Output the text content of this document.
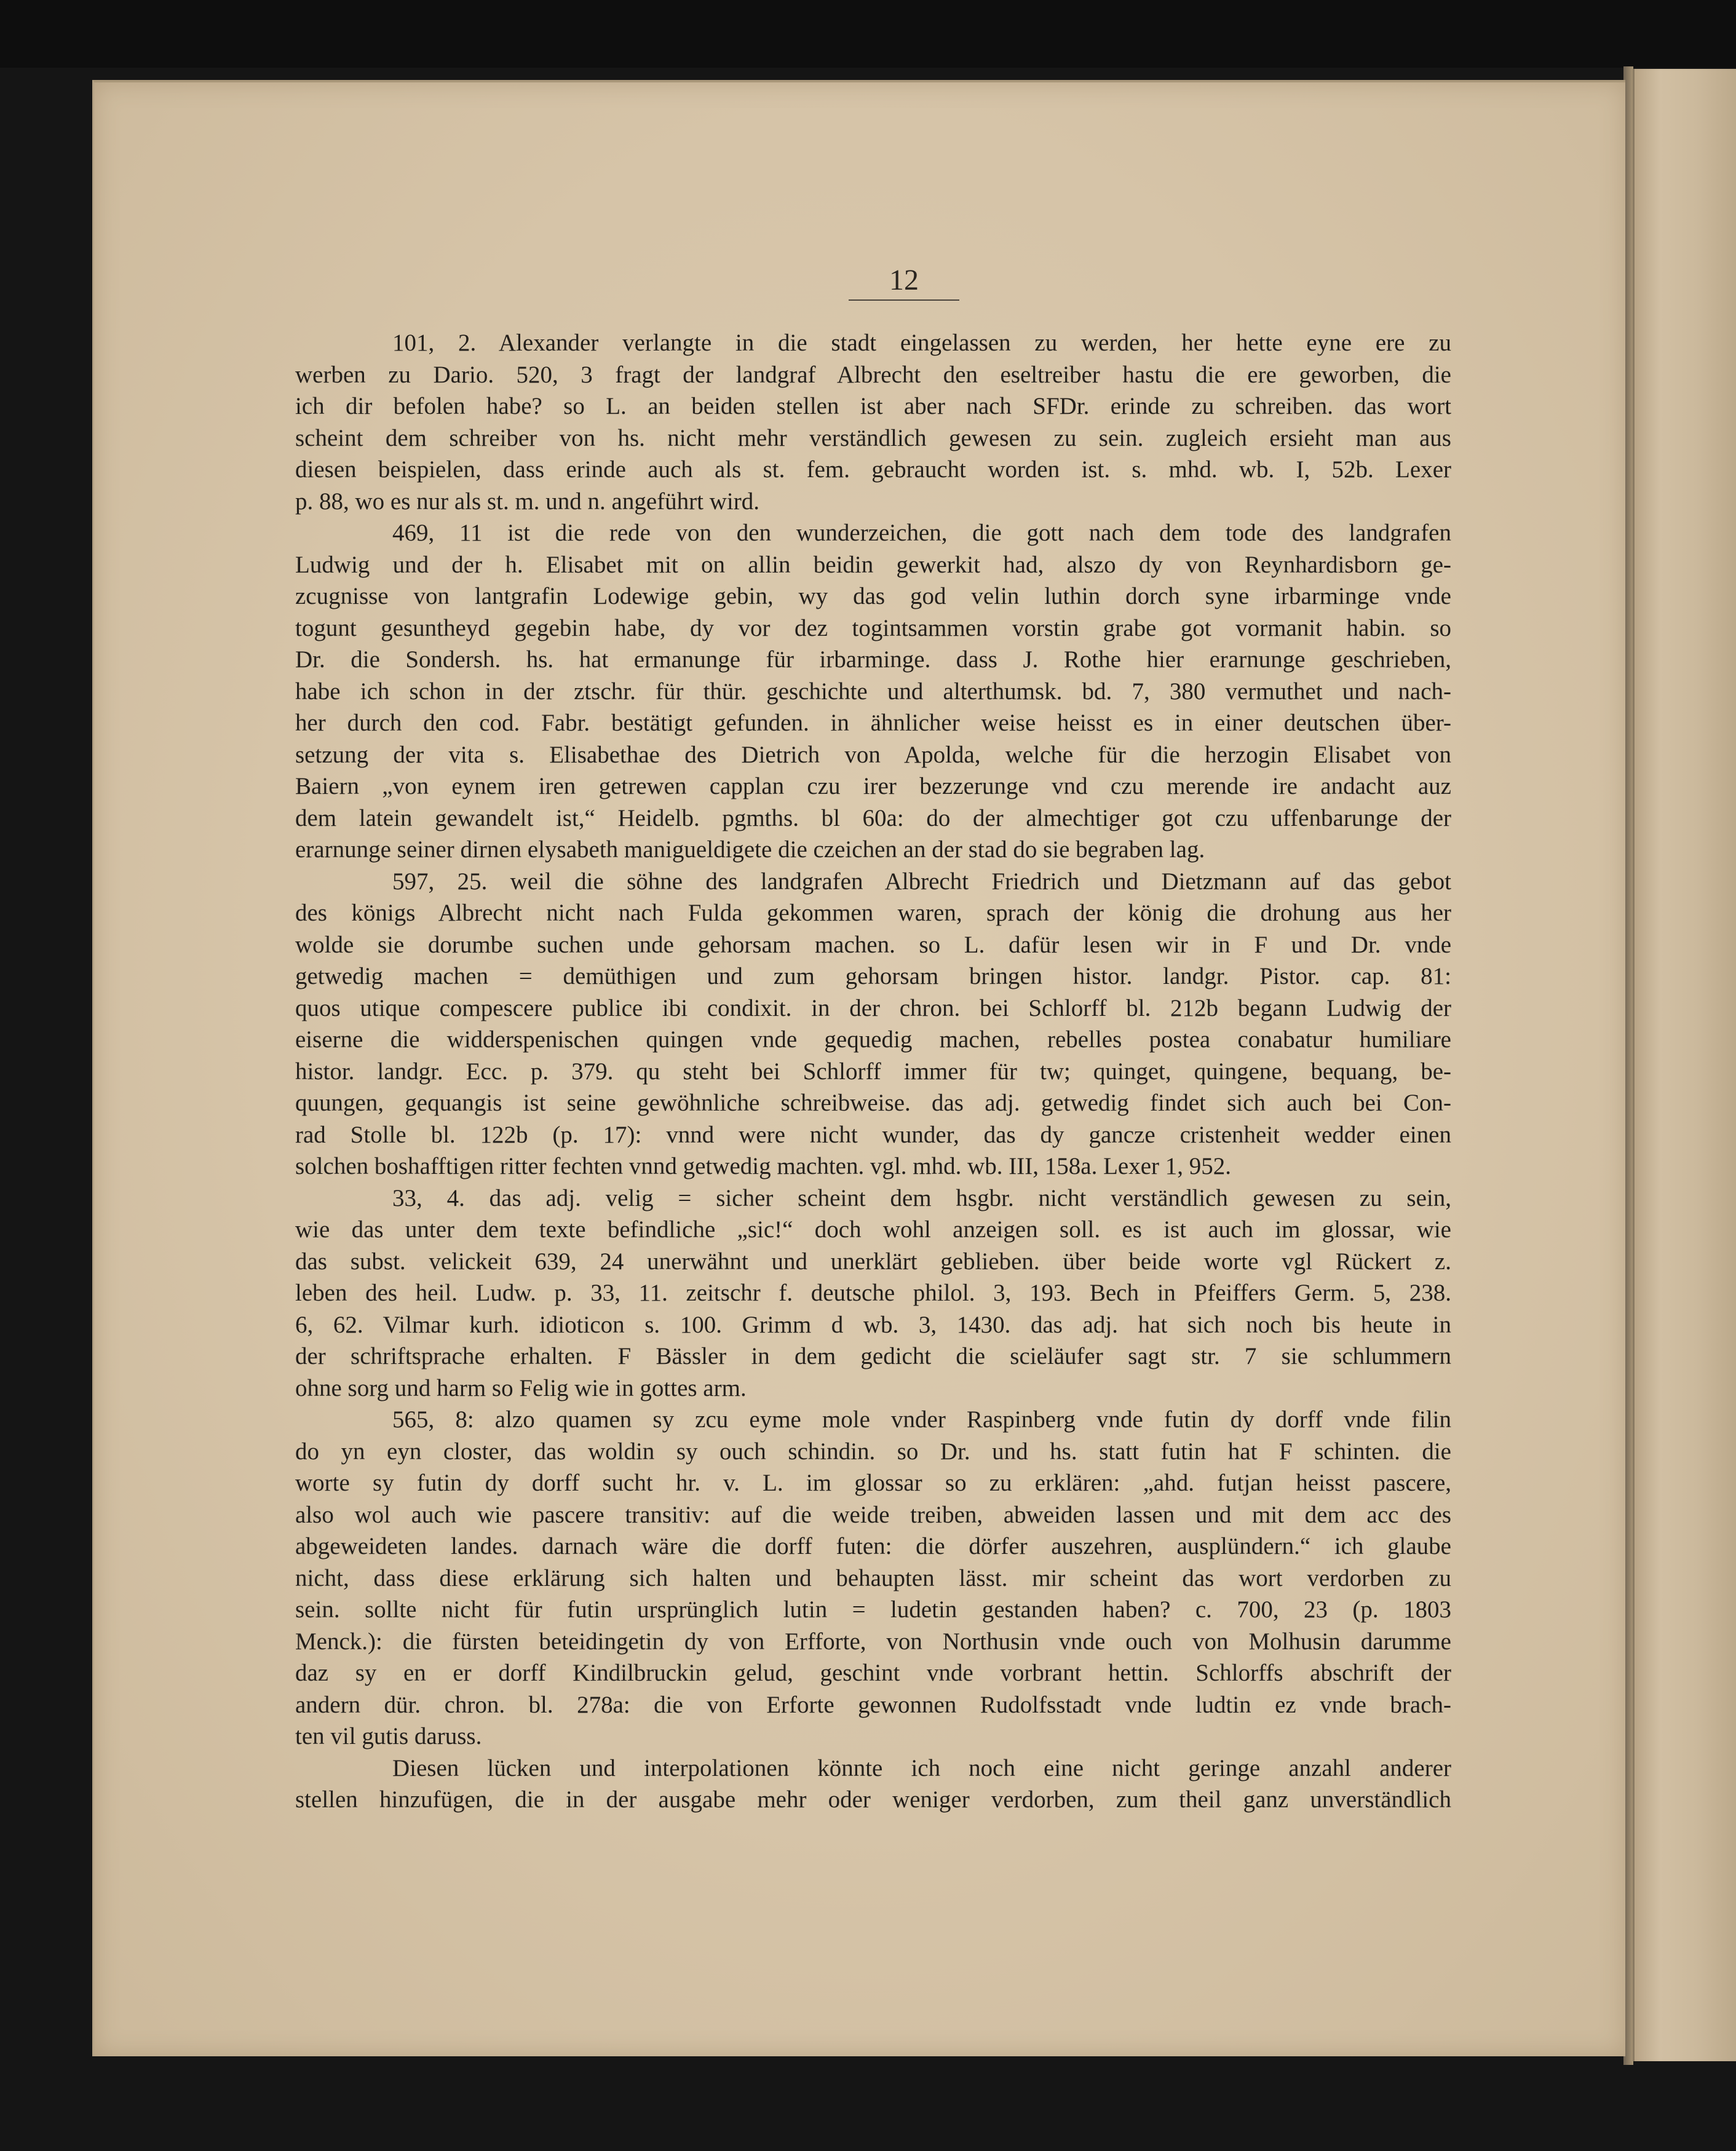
12
101, 2. Alexander verlangte in die stadt eingelassen zu werden, her hette eyne ere zu
werben zu Dario. 520, 3 fragt der landgraf Albrecht den eseltreiber hastu die ere geworben, die
ich dir befolen habe? so L. an beiden stellen ist aber nach SFDr. erinde zu schreiben. das wort
scheint dem schreiber von hs. nicht mehr verständlich gewesen zu sein. zugleich ersieht man aus
diesen beispielen, dass erinde auch als st. fem. gebraucht worden ist. s. mhd. wb. I, 52b. Lexer
p. 88, wo es nur als st. m. und n. angeführt wird.
469, 11 ist die rede von den wunderzeichen, die gott nach dem tode des landgrafen
Ludwig und der h. Elisabet mit on allin beidin gewerkit had, alszo dy von Reynhardisborn ge-
zcugnisse von lantgrafin Lodewige gebin, wy das god velin luthin dorch syne irbarminge vnde
togunt gesuntheyd gegebin habe, dy vor dez togintsammen vorstin grabe got vormanit habin. so
Dr. die Sondersh. hs. hat ermanunge für irbarminge. dass J. Rothe hier erarnunge geschrieben,
habe ich schon in der ztschr. für thür. geschichte und alterthumsk. bd. 7, 380 vermuthet und nach-
her durch den cod. Fabr. bestätigt gefunden. in ähnlicher weise heisst es in einer deutschen über-
setzung der vita s. Elisabethae des Dietrich von Apolda, welche für die herzogin Elisabet von
Baiern „von eynem iren getrewen capplan czu irer bezzerunge vnd czu merende ire andacht auz
dem latein gewandelt ist,“ Heidelb. pgmths. bl 60a: do der almechtiger got czu uffenbarunge der
erarnunge seiner dirnen elysabeth manigueldigete die czeichen an der stad do sie begraben lag.
597, 25. weil die söhne des landgrafen Albrecht Friedrich und Dietzmann auf das gebot
des königs Albrecht nicht nach Fulda gekommen waren, sprach der könig die drohung aus her
wolde sie dorumbe suchen unde gehorsam machen. so L. dafür lesen wir in F und Dr. vnde
getwedig machen = demüthigen und zum gehorsam bringen histor. landgr. Pistor. cap. 81:
quos utique compescere publice ibi condixit. in der chron. bei Schlorff bl. 212b begann Ludwig der
eiserne die widderspenischen quingen vnde gequedig machen, rebelles postea conabatur humiliare
histor. landgr. Ecc. p. 379. qu steht bei Schlorff immer für tw; quinget, quingene, bequang, be-
quungen, gequangis ist seine gewöhnliche schreibweise. das adj. getwedig findet sich auch bei Con-
rad Stolle bl. 122b (p. 17): vnnd were nicht wunder, das dy gancze cristenheit wedder einen
solchen boshafftigen ritter fechten vnnd getwedig machten. vgl. mhd. wb. III, 158a. Lexer 1, 952.
33, 4. das adj. velig = sicher scheint dem hsgbr. nicht verständlich gewesen zu sein,
wie das unter dem texte befindliche „sic!“ doch wohl anzeigen soll. es ist auch im glossar, wie
das subst. velickeit 639, 24 unerwähnt und unerklärt geblieben. über beide worte vgl Rückert z.
leben des heil. Ludw. p. 33, 11. zeitschr f. deutsche philol. 3, 193. Bech in Pfeiffers Germ. 5, 238.
6, 62. Vilmar kurh. idioticon s. 100. Grimm d wb. 3, 1430. das adj. hat sich noch bis heute in
der schriftsprache erhalten. F Bässler in dem gedicht die scieläufer sagt str. 7 sie schlummern
ohne sorg und harm so Felig wie in gottes arm.
565, 8: alzo quamen sy zcu eyme mole vnder Raspinberg vnde futin dy dorff vnde filin
do yn eyn closter, das woldin sy ouch schindin. so Dr. und hs. statt futin hat F schinten. die
worte sy futin dy dorff sucht hr. v. L. im glossar so zu erklären: „ahd. futjan heisst pascere,
also wol auch wie pascere transitiv: auf die weide treiben, abweiden lassen und mit dem acc des
abgeweideten landes. darnach wäre die dorff futen: die dörfer auszehren, ausplündern.“ ich glaube
nicht, dass diese erklärung sich halten und behaupten lässt. mir scheint das wort verdorben zu
sein. sollte nicht für futin ursprünglich lutin = ludetin gestanden haben? c. 700, 23 (p. 1803
Menck.): die fürsten beteidingetin dy von Erfforte, von Northusin vnde ouch von Molhusin darumme
daz sy en er dorff Kindilbruckin gelud, geschint vnde vorbrant hettin. Schlorffs abschrift der
andern dür. chron. bl. 278a: die von Erforte gewonnen Rudolfsstadt vnde ludtin ez vnde brach-
ten vil gutis daruss.
Diesen lücken und interpolationen könnte ich noch eine nicht geringe anzahl anderer
stellen hinzufügen, die in der ausgabe mehr oder weniger verdorben, zum theil ganz unverständlich
